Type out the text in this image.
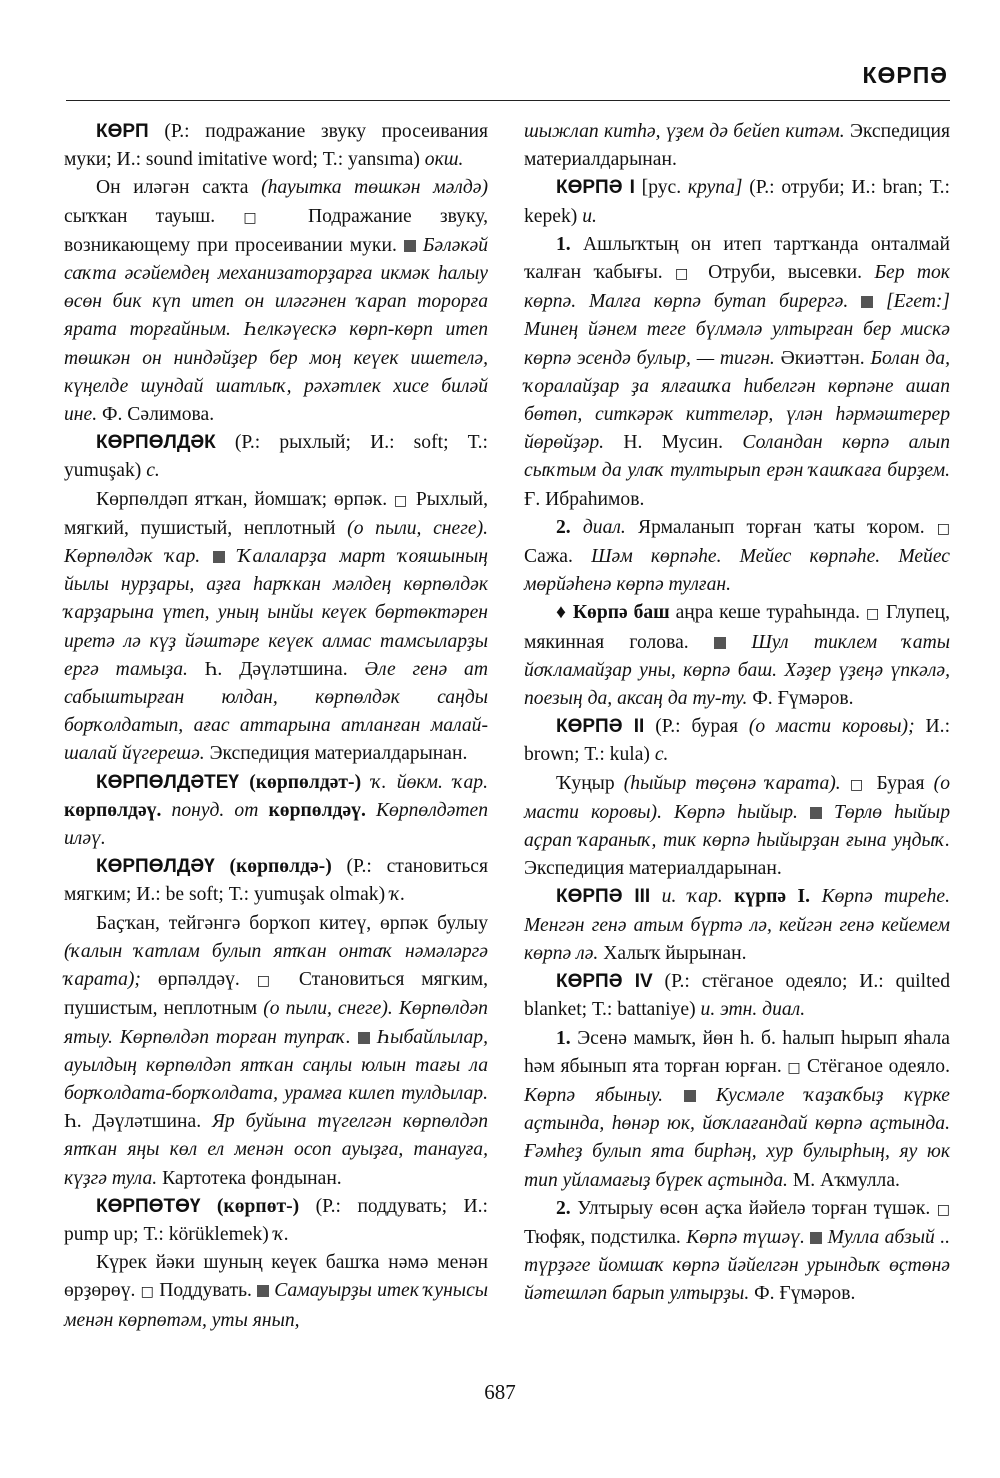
КӨРПӘ

КӨРП (Р.: подражание звуку просеивания муки; И.: sound imitative word; Т.: yansıma) окш.

Он иләгән саҡта (һауытка төшкән мәлдә) сыҡҡан тауыш. □ Подражание звуку, возникающему при просеивании муки. Бәләкәй саҡта әсәйемдең механизаторҙарға икмәк һалыу өсөн бик күп итеп он иләгәнен ҡарап торорға ярата торғайным. Һелкәүескә көрп-көрп итеп төшкән он ниндәйҙер бер моң кеүек ишетелә, күңелде шундай шатлыҡ, рәхәтлек хисе биләй ине. Ф. Сәлимова.

КӨРПӨЛДӘК (Р.: рыхлый; И.: soft; Т.: yumuşak) с.

Көрпөлдәп ятҡан, йомшаҡ; өрпәк. □ Рыхлый, мягкий, пушистый, неплотный (о пыли, снеге). Көрпөлдәк ҡар. Ҡалаларҙа март ҡояшының йылы нурҙары, аҙға һарҡкан мәлдең көрпөлдәк ҡарҙарына үтеп, уның ынйы кеүек бөртөктәрен иретә лә күҙ йәштәре кеүек алмас тамсыларҙы ергә тамыҙа. Һ. Дәүләтшина. Әле генә ат сабыштырған юлдан, көрпөлдәк саңды борҡолдатып, ағас аттарына атланған малай-шалай йүгерешә. Экспедиция материалдарынан.

КӨРПӨЛДӘТЕҮ (көрпөлдәт-) ҡ. йөкм. ҡар. көрпөлдәү. понуд. от көрпөлдәү. Көрпөлдәтеп иләү.

КӨРПӨЛДӘҮ (көрпөлдә-) (Р.: становиться мягким; И.: be soft; Т.: yumuşak olmak) ҡ.

Баҫҡан, тейгәнгә борҡоп китеү, өрпәк булыу (ҡалын ҡатлам булып ятҡан онтаҡ нәмәләргә ҡарата); өрпәлдәү. □ Становиться мягким, пушистым, неплотным (о пыли, снеге). Көрпөлдәп ятыу. Көрпөлдәп торған тупраҡ. Һыбайлылар, ауылдың көрпөлдәп ятҡан саңлы юлын тағы ла борҡолдата-борҡолдата, урамға килеп тулдылар. Һ. Дәүләтшина. Яр буйына түгелгән көрпөлдәп ятҡан яңы көл ел менән осоп ауыҙға, танауға, күҙгә тула. Картотека фондынан.

КӨРПӨТӨҮ (көрпөт-) (Р.: поддувать; И.: pump up; Т.: körüklemek) ҡ.

Күрек йәки шуның кеүек башҡа нәмә менән өрҙөрөү. □ Поддувать. Самауырҙы итек ҡунысы менән көрпөтәм, уты янып,

шыжлап китһә, үҙем дә бейеп китәм. Экспедиция материалдарынан.

КӨРПӘ I [рус. крупа] (Р.: отруби; И.: bran; Т.: kepek) и.

1. Ашлыҡтың он итеп тартҡанда онталмай ҡалған ҡабығы. □ Отруби, высевки. Бер ток көрпә. Малға көрпә бутап бирергә. [Егет:] Минең йәнем теге бүлмәлә ултырған бер мискә көрпә эсендә булыр, — тигән. Әкиәттән. Болан да, ҡоралайҙар ҙа ялғашҡа һибелгән көрпәне ашап бөтөп, ситкәрәк киттеләр, үлән һәрмәштерер йөрөйҙәр. Н. Мусин. Соландан көрпә алып сыҡтым да улаҡ тултырып ерән ҡашҡаға бирҙем. Ғ. Ибраһимов.

2. диал. Ярмаланып торған ҡаты ҡором. □ Сажа. Шәм көрпәһе. Мейес көрпәһе. Мейес мөрйәһенә көрпә тулған.

♦ Көрпә баш аңра кеше тураһында. □ Глупец, мякинная голова.	Шул тиклем ҡаты йоҡламайҙар уны, көрпә баш. Хәҙер үҙеңә үпкәлә, поезың да, аксаң да ту-ту. Ф. Ғүмәров.

КӨРПӘ II (Р.: бурая (о масти коровы); И.: brown; Т.: kula) с.

Ҡуңыр (һыйыр төҫөнә ҡарата). □ Бурая (о масти коровы). Көрпә һыйыр. Төрлө һыйыр аҫрап ҡараныҡ, тик көрпә һыйырҙан ғына уңдыҡ. Экспедиция материалдарынан.

КӨРПӘ III и. ҡар. күрпә I. Көрпә тиреһе. Менгән генә атым бүртә лә, кейгән генә кейемем көрпә лә. Халыҡ йырынан.

КӨРПӘ IV (Р.: стёганое одеяло; И.: quilted blanket; Т.: battaniye) и. этн. диал.

1. Эсенә мамыҡ, йөн һ. б. һалып һырып яһала һәм ябынып ята торған юрған. □ Стёганое одеяло. Көрпә ябыныу.	Кусмәле ҡаҙаҡбыҙ күрке аҫтында, һөнәр юк, йоҡлағандай көрпә аҫтында. Ғәмһеҙ булып ята бирһәң, хур булырһың, яу юк тип уйламағыҙ бүрек аҫтында. М. Аҡмулла.

2. Ултырыу өсөн аҫҡа йәйелә торған түшәк. □ Тюфяк, подстилка. Көрпә түшәү. Мулла абзый .. түрҙәге йомшаҡ көрпә йәйелгән урындыҡ өҫтөнә йәтешләп барып ултырҙы. Ф. Ғүмәров.

687
